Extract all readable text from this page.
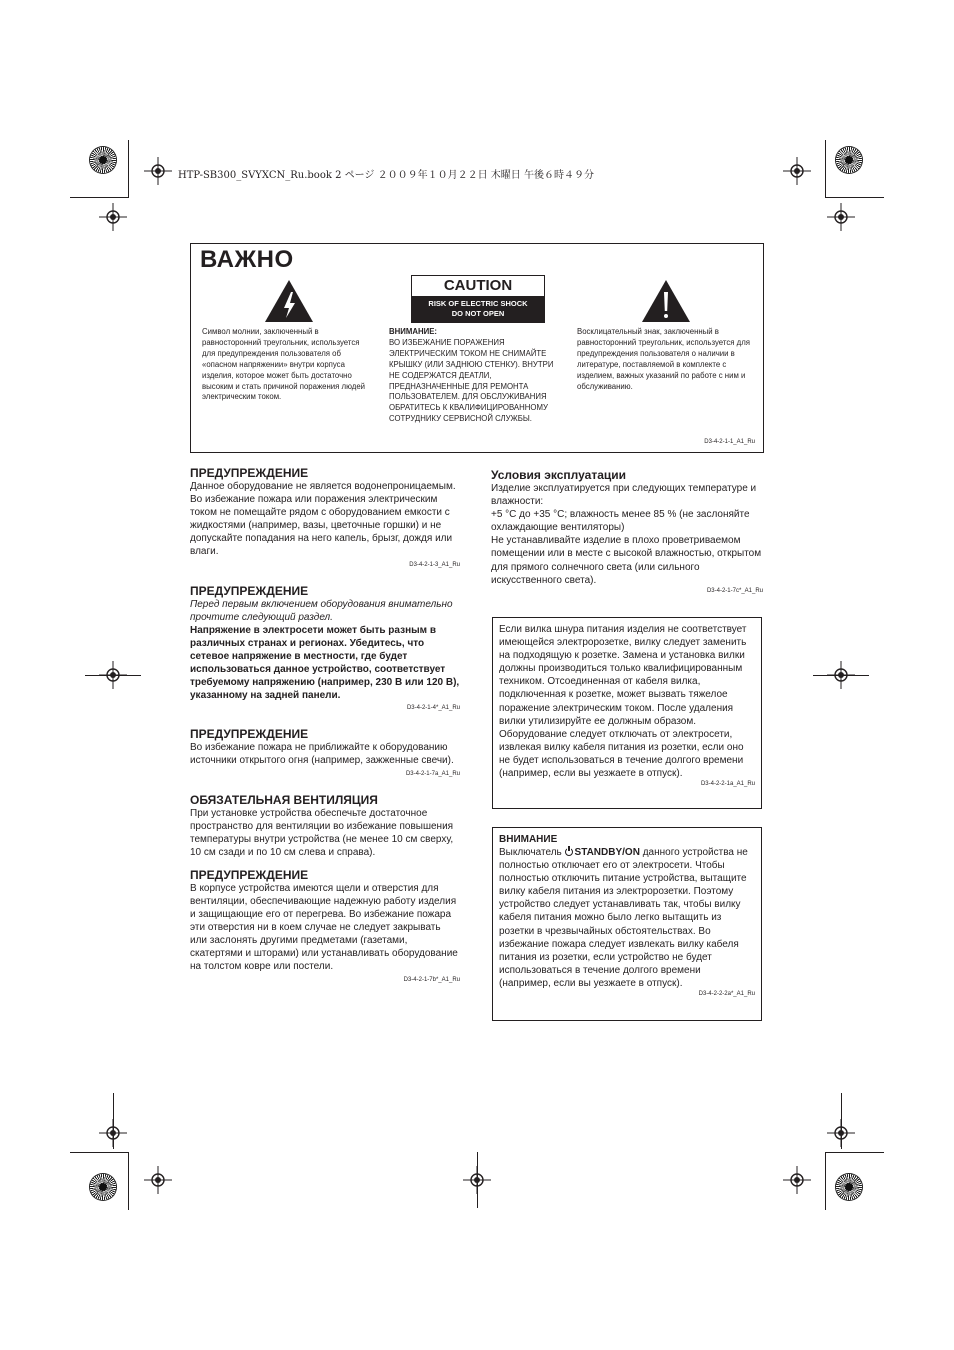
HTP-SB300_SVYXCN_Ru.book 2 ページ ２００９年１０月２２日 木曜日 午後６時４９分
ВАЖНО
CAUTION
RISK OF ELECTRIC SHOCK
DO NOT OPEN
Символ молнии, заключенный в равносторонний треугольник, используется для предупреждения пользователя об «опасном напряжении» внутри корпуса изделия, которое может быть достаточно высоким и стать причиной поражения людей электрическим током.
ВНИМАНИЕ:
ВО ИЗБЕЖАНИЕ ПОРАЖЕНИЯ ЭЛЕКТРИЧЕСКИМ ТОКОМ НЕ СНИМАЙТЕ КРЫШКУ (ИЛИ ЗАДНЮЮ СТЕНКУ). ВНУТРИ НЕ СОДЕРЖАТСЯ ДЕАТЛИ, ПРЕДНАЗНАЧЕННЫЕ ДЛЯ РЕМОНТА ПОЛЬЗОВАТЕЛЕМ. ДЛЯ ОБСЛУЖИВАНИЯ ОБРАТИТЕСЬ К КВАЛИФИЦИРОВАННОМУ СОТРУДНИКУ СЕРВИСНОЙ СЛУЖБЫ.
Восклицательный знак, заключенный в равносторонний треугольник, используется для предупреждения пользователя о наличии в литературе, поставляемой в комплекте с изделием, важных указаний по работе с ним и обслуживанию.
D3-4-2-1-1_A1_Ru
ПРЕДУПРЕЖДЕНИЕ
Данное оборудование не является водонепроницаемым. Во избежание пожара или поражения электрическим током не помещайте рядом с оборудованием емкости с жидкостями (например, вазы, цветочные горшки) и не допускайте попадания на него капель, брызг, дождя или влаги.
D3-4-2-1-3_A1_Ru
ПРЕДУПРЕЖДЕНИЕ
Перед первым включением оборудования внимательно прочтите следующий раздел.
Напряжение в электросети может быть разным в различных странах и регионах. Убедитесь, что сетевое напряжение в местности, где будет использоваться данное устройство, соответствует требуемому напряжению (например, 230 В или 120 В), указанному на задней панели.
D3-4-2-1-4*_A1_Ru
ПРЕДУПРЕЖДЕНИЕ
Во избежание пожара не приближайте к оборудованию источники открытого огня (например, зажженные свечи).
D3-4-2-1-7a_A1_Ru
ОБЯЗАТЕЛЬНАЯ ВЕНТИЛЯЦИЯ
При установке устройства обеспечьте достаточное пространство для вентиляции во избежание повышения температуры внутри устройства (не менее 10 см сверху, 10 см сзади и по 10 см слева и справа).
ПРЕДУПРЕЖДЕНИЕ
В корпусе устройства имеются щели и отверстия для вентиляции, обеспечивающие надежную работу изделия и защищающие его от перегрева. Во избежание пожара эти отверстия ни в коем случае не следует закрывать или заслонять другими предметами (газетами, скатертями и шторами) или устанавливать оборудование на толстом ковре или постели.
D3-4-2-1-7b*_A1_Ru
Условия эксплуатации
Изделие эксплуатируется при следующих температуре и влажности:
+5 °C до +35 °C; влажность менее 85 % (не заслоняйте охлаждающие вентиляторы)
Не устанавливайте изделие в плохо проветриваемом помещении или в месте с высокой влажностью, открытом для прямого солнечного света (или сильного искусственного света).
D3-4-2-1-7c*_A1_Ru
Если вилка шнура питания изделия не соответствует имеющейся электророзетке, вилку следует заменить на подходящую к розетке. Замена и установка вилки должны производиться только квалифицированным техником. Отсоединенная от кабеля вилка, подключенная к розетке, может вызвать тяжелое поражение электрическим током. После удаления вилки утилизируйте ее должным образом. Оборудование следует отключать от электросети, извлекая вилку кабеля питания из розетки, если оно не будет использоваться в течение долгого времени (например, если вы уезжаете в отпуск).
D3-4-2-2-1a_A1_Ru
ВНИМАНИЕ
Выключатель STANDBY/ON данного устройства не полностью отключает его от электросети. Чтобы полностью отключить питание устройства, вытащите вилку кабеля питания из электророзетки. Поэтому устройство следует устанавливать так, чтобы вилку кабеля питания можно было легко вытащить из розетки в чрезвычайных обстоятельствах. Во избежание пожара следует извлекать вилку кабеля питания из розетки, если устройство не будет использоваться в течение долгого времени (например, если вы уезжаете в отпуск).
D3-4-2-2-2a*_A1_Ru
